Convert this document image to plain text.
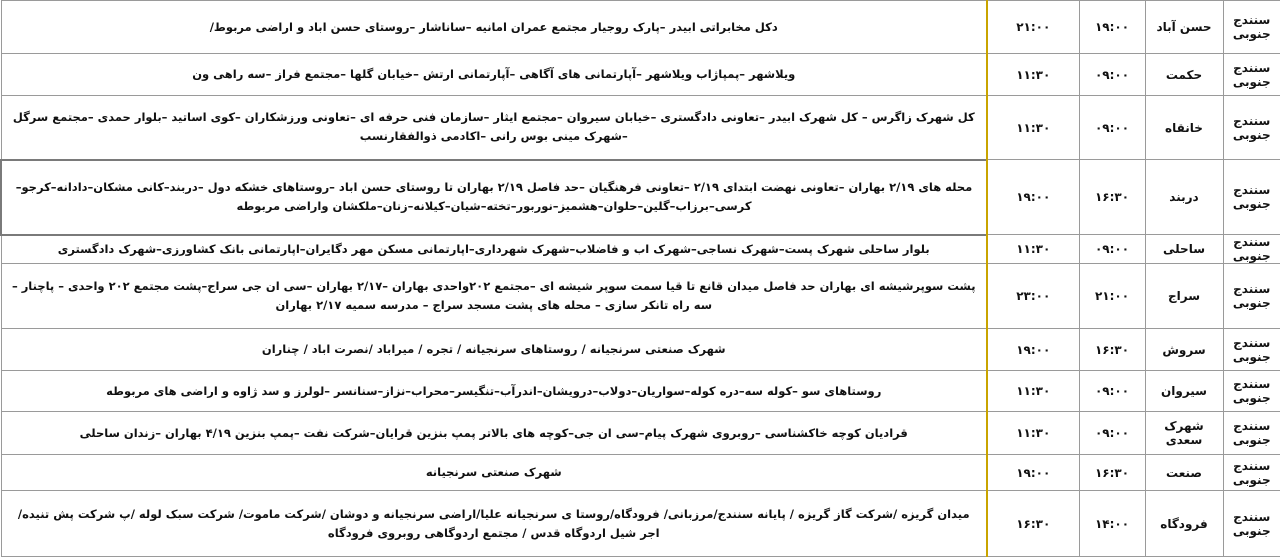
سنندج جنوبی	حسن آباد	۱۹:۰۰	۲۱:۰۰	دکل مخابراتی ابیدر –پارک روجیار مجتمع عمران امانیه –ساناشار –روستای حسن اباد و اراضی مربوط/
سنندج جنوبی	حکمت	۰۹:۰۰	۱۱:۳۰	ویلاشهر –پمپاژاب ویلاشهر –آپارتمانی های آگاهی –آپارتمانی ارتش –خیابان گلها –مجتمع فراز –سه راهی ون
سنندج جنوبی	خانقاه	۰۹:۰۰	۱۱:۳۰	کل شهرک زاگرس – کل شهرک ابیدر –تعاونی دادگستری –خیابان سیروان –مجتمع ایثار –سازمان فنی حرفه ای –تعاونی ورزشکاران –کوی اساتید –بلوار حمدی –مجتمع سرگل –شهرک مینی بوس رانی –اکادمی ذوالفقارنسب
سنندج جنوبی	دربند	۱۶:۳۰	۱۹:۰۰	محله های ۲/۱۹ بهاران –تعاونی نهضت ابتدای ۲/۱۹ –تعاونی فرهنگیان –حد فاصل ۲/۱۹ بهاران تا روستای حسن اباد –روستاهای خشکه دول –دربند–کانی مشکان–دادانه–کرجو–کرسی–برزاب–گلین–حلوان–هشمیز–نوربور–تخته–شیان–کیلانه–زنان–ملکشان واراضی مربوطه
سنندج جنوبی	ساحلی	۰۹:۰۰	۱۱:۳۰	بلوار ساحلی شهرک پست–شهرک نساجی–شهرک اب و فاضلاب–شهرک شهرداری–اپارتمانی مسکن مهر دگایران–اپارتمانی بانک کشاورزی–شهرک دادگستری
سنندج جنوبی	سراج	۲۱:۰۰	۲۳:۰۰	پشت سوپرشیشه ای بهاران حد فاصل میدان قانع تا قیا سمت سوپر شیشه ای –مجتمع ۲۰۲واحدی بهاران –۲/۱۷ بهاران –سی ان جی سراج–پشت مجتمع ۲۰۲ واحدی – پاچنار – سه راه تانکر سازی – محله های پشت مسجد سراج – مدرسه سمیه ۲/۱۷ بهاران
سنندج جنوبی	سروش	۱۶:۳۰	۱۹:۰۰	شهرک صنعتی سرنجیانه / روستاهای سرنجیانه / تجره / میراباد /نصرت اباد / چناران
سنندج جنوبی	سیروان	۰۹:۰۰	۱۱:۳۰	روستاهای سو –کوله سه–دره کوله–سواریان–دولاب–درویشان–اندرآب–تنگیسر–محراب–نزاز–سنانسر –لولرز و سد ژاوه و اراضی های مربوطه
سنندج جنوبی	شهرک سعدی	۰۹:۰۰	۱۱:۳۰	قرادیان کوچه خاکشناسی –روبروی شهرک پیام–سی ان جی–کوچه های بالاتر پمپ بنزین قرایان–شرکت نفت –پمپ بنزین ۴/۱۹ بهاران –زندان ساحلی
سنندج جنوبی	صنعت	۱۶:۳۰	۱۹:۰۰	شهرک صنعتی سرنجیانه
سنندج جنوبی	فرودگاه	۱۴:۰۰	۱۶:۳۰	میدان گریزه /شرکت گاز گریزه / پایانه سنندج/مرزبانی/ فرودگاه/روستا ی سرنجیانه علیا/اراضی سرنجیانه و دوشان /شرکت ماموت/ شرکت سبک لوله /پ شرکت پش تنیده/اجر شیل اردوگاه قدس / مجتمع اردوگاهی روبروی فرودگاه
